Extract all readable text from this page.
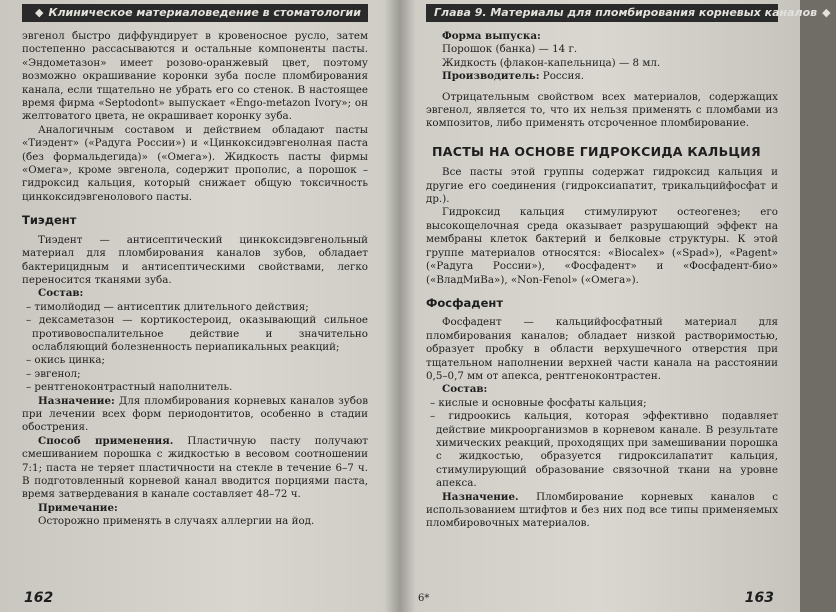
◆ Клиническое материаловедение в стоматологии

эвгенол быстро диффундирует в кровеносное русло, затем постепенно рассасываются и остальные компоненты пасты. «Эндометазон» имеет розово-оранжевый цвет, поэтому возможно окрашивание коронки зуба после пломбирования канала, если тщательно не убрать его со стенок. В настоящее время фирма «Septodont» выпускает «Engo-metazon Ivory»; он желтоватого цвета, не окрашивает коронку зуба.

Аналогичным составом и действием обладают пасты «Тиэдент» («Радуга России») и «Цинкоксидэвгенолная паста (без формальдегида)» («Омега»). Жидкость пасты фирмы «Омега», кроме эвгенола, содержит прополис, а порошок – гидроксид кальция, который снижает общую токсичность цинкоксидэвгенолового пасты.

Тиэдент

Тиэдент — антисептический цинкоксидэвгенольный материал для пломбирования каналов зубов, обладает бактерицидным и антисептическими свойствами, легко переносится тканями зуба.

Состав:

– тимолйодид — антисептик длительного действия;

– дексаметазон — кортикостероид, оказывающий сильное противовоспалительное действие и значительно ослабляющий болезненность периапикальных реакций;

– окись цинка;

– эвгенол;

– рентгеноконтрастный наполнитель.

Назначение: Для пломбирования корневых каналов зубов при лечении всех форм периодонтитов, особенно в стадии обострения.

Способ применения. Пластичную пасту получают смешиванием порошка с жидкостью в весовом соотношении 7:1; паста не теряет пластичности на стекле в течение 6–7 ч. В подготовленный корневой канал вводится порциями паста, время затвердевания в канале составляет 48–72 ч.

Примечание:

Осторожно применять в случаях аллергии на йод.

162
Глава 9. Материалы для пломбирования корневых каналов ◆

Форма выпуска:

Порошок (банка) — 14 г.

Жидкость (флакон-капельница) — 8 мл.

Производитель: Россия.

Отрицательным свойством всех материалов, содержащих эвгенол, является то, что их нельзя применять с пломбами из композитов, либо применять отсроченное пломбирование.

ПАСТЫ НА ОСНОВЕ ГИДРОКСИДА КАЛЬЦИЯ

Все пасты этой группы содержат гидроксид кальция и другие его соединения (гидроксиапатит, трикальцийфосфат и др.).

Гидроксид кальция стимулируют остеогенез; его высокощелочная среда оказывает разрушающий эффект на мембраны клеток бактерий и белковые структуры. К этой группе материалов относятся: «Biocalex» («Spad»), «Pagent» («Радуга России»), «Фосфадент» и «Фосфадент-био» («ВладМиВа»), «Non-Fenol» («Омега»).

Фосфадент

Фосфадент — кальцийфосфатный материал для пломбирования каналов; обладает низкой растворимостью, образует пробку в области верхушечного отверстия при тщательном наполнении верхней части канала на расстоянии 0,5–0,7 мм от апекса, рентгеноконтрастен.

Состав:

– кислые и основные фосфаты кальция;

– гидроокись кальция, которая эффективно подавляет действие микроорганизмов в корневом канале. В результате химических реакций, проходящих при замешивании порошка с жидкостью, образуется гидроксилапатит кальция, стимулирующий образование связочной ткани на уровне апекса.

Назначение. Пломбирование корневых каналов с использованием штифтов и без них под все типы применяемых пломбировочных материалов.

6*	163
